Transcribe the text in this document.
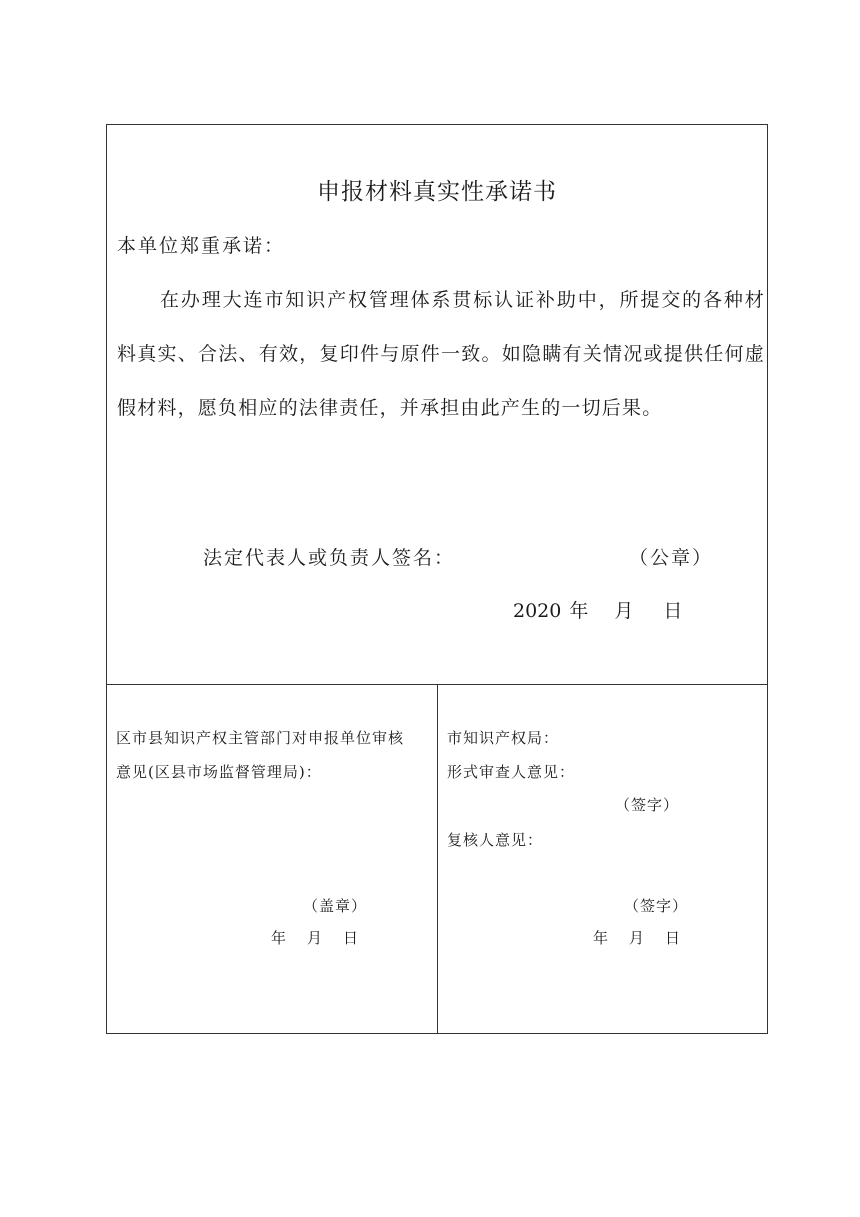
申报材料真实性承诺书
本单位郑重承诺：
在办理大连市知识产权管理体系贯标认证补助中，所提交的各种材料真实、合法、有效，复印件与原件一致。如隐瞒有关情况或提供任何虚假材料，愿负相应的法律责任，并承担由此产生的一切后果。
法定代表人或负责人签名：	（公章）
2020 年 月 日
区市县知识产权主管部门对申报单位审核
意见(区县市场监督管理局)：
（盖章）
年 月 日
市知识产权局：
形式审查人意见：
（签字）
复核人意见：
（签字）
年 月 日
